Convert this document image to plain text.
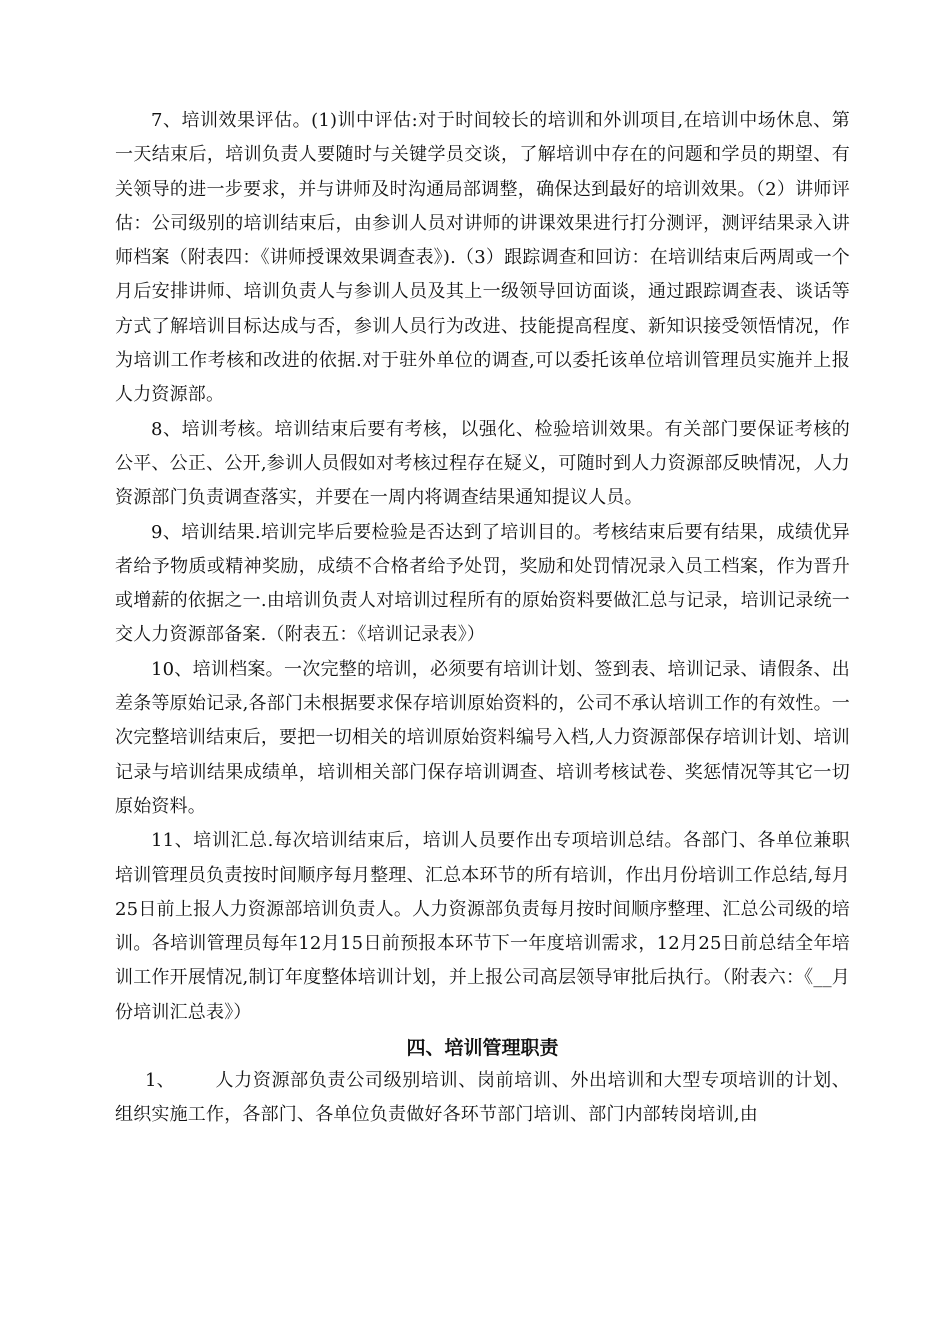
7、培训效果评估。(1)训中评估:对于时间较长的培训和外训项目,在培训中场休息、第一天结束后，培训负责人要随时与关键学员交谈，了解培训中存在的问题和学员的期望、有关领导的进一步要求，并与讲师及时沟通局部调整，确保达到最好的培训效果。（2）讲师评估：公司级别的培训结束后，由参训人员对讲师的讲课效果进行打分测评，测评结果录入讲师档案（附表四：《讲师授课效果调查表》).（3）跟踪调查和回访：在培训结束后两周或一个月后安排讲师、培训负责人与参训人员及其上一级领导回访面谈，通过跟踪调查表、谈话等方式了解培训目标达成与否，参训人员行为改进、技能提高程度、新知识接受领悟情况，作为培训工作考核和改进的依据.对于驻外单位的调查,可以委托该单位培训管理员实施并上报人力资源部。

8、培训考核。培训结束后要有考核，以强化、检验培训效果。有关部门要保证考核的公平、公正、公开,参训人员假如对考核过程存在疑义，可随时到人力资源部反映情况，人力资源部门负责调查落实，并要在一周内将调查结果通知提议人员。

9、培训结果.培训完毕后要检验是否达到了培训目的。考核结束后要有结果，成绩优异者给予物质或精神奖励，成绩不合格者给予处罚，奖励和处罚情况录入员工档案，作为晋升或增薪的依据之一.由培训负责人对培训过程所有的原始资料要做汇总与记录，培训记录统一交人力资源部备案.（附表五：《培训记录表》）

10、培训档案。一次完整的培训，必须要有培训计划、签到表、培训记录、请假条、出差条等原始记录,各部门未根据要求保存培训原始资料的，公司不承认培训工作的有效性。一次完整培训结束后，要把一切相关的培训原始资料编号入档,人力资源部保存培训计划、培训记录与培训结果成绩单，培训相关部门保存培训调查、培训考核试卷、奖惩情况等其它一切原始资料。

11、培训汇总.每次培训结束后，培训人员要作出专项培训总结。各部门、各单位兼职培训管理员负责按时间顺序每月整理、汇总本环节的所有培训，作出月份培训工作总结,每月25日前上报人力资源部培训负责人。人力资源部负责每月按时间顺序整理、汇总公司级的培训。各培训管理员每年12月15日前预报本环节下一年度培训需求，12月25日前总结全年培训工作开展情况,制订年度整体培训计划，并上报公司高层领导审批后执行。（附表六：《__月份培训汇总表》）

四、培训管理职责

1、 人力资源部负责公司级别培训、岗前培训、外出培训和大型专项培训的计划、组织实施工作，各部门、各单位负责做好各环节部门培训、部门内部转岗培训,由
